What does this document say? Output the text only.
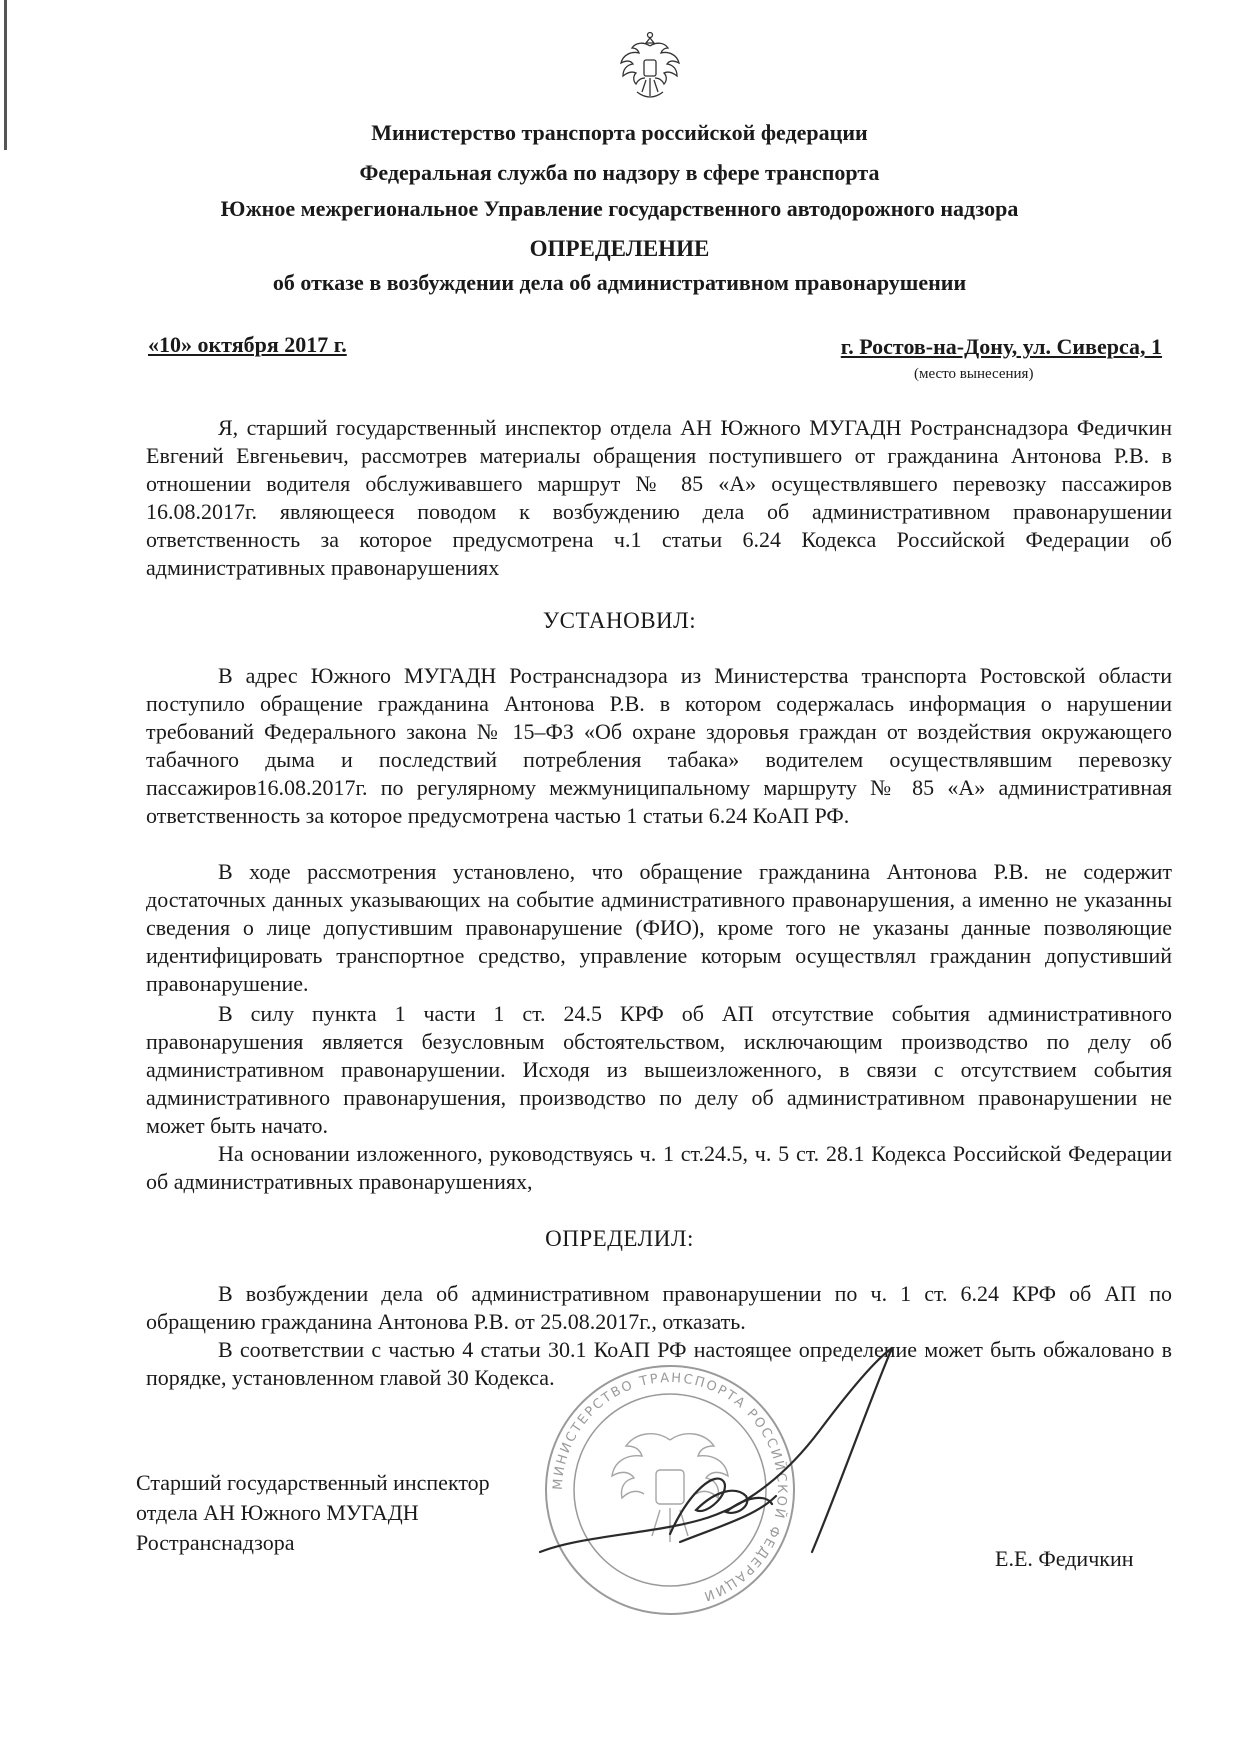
Министерство транспорта российской федерации
Федеральная служба по надзору в сфере транспорта
Южное межрегиональное Управление государственного автодорожного надзора
ОПРЕДЕЛЕНИЕ
об отказе в возбуждении дела об административном правонарушении
«10» октября 2017 г.	г. Ростов-на-Дону, ул. Сиверса, 1
(место вынесения)

Я, старший государственный инспектор отдела АН Южного МУГАДН Ространснадзора Федичкин Евгений Евгеньевич, рассмотрев материалы обращения поступившего от гражданина Антонова Р.В. в отношении водителя обслуживавшего маршрут № 85 «А» осуществлявшего перевозку пассажиров 16.08.2017г. являющееся поводом к возбуждению дела об административном правонарушении ответственность за которое предусмотрена ч.1 статьи 6.24 Кодекса Российской Федерации об административных правонарушениях

УСТАНОВИЛ:

В адрес Южного МУГАДН Ространснадзора из Министерства транспорта Ростовской области поступило обращение гражданина Антонова Р.В. в котором содержалась информация о нарушении требований Федерального закона № 15–ФЗ «Об охране здоровья граждан от воздействия окружающего табачного дыма и последствий потребления табака» водителем осуществлявшим перевозку пассажиров16.08.2017г. по регулярному межмуниципальному маршруту № 85 «А» административная ответственность за которое предусмотрена частью 1 статьи 6.24 КоАП РФ.

В ходе рассмотрения установлено, что обращение гражданина Антонова Р.В. не содержит достаточных данных указывающих на событие административного правонарушения, а именно не указанны сведения о лице допустившим правонарушение (ФИО), кроме того не указаны данные позволяющие идентифицировать транспортное средство, управление которым осуществлял гражданин допустивший правонарушение.

В силу пункта 1 части 1 ст. 24.5 КРФ об АП отсутствие события административного правонарушения является безусловным обстоятельством, исключающим производство по делу об административном правонарушении. Исходя из вышеизложенного, в связи с отсутствием события административного правонарушения, производство по делу об административном правонарушении не может быть начато.

На основании изложенного, руководствуясь ч. 1 ст.24.5, ч. 5 ст. 28.1 Кодекса Российской Федерации об административных правонарушениях,

ОПРЕДЕЛИЛ:

В возбуждении дела об административном правонарушении по ч. 1 ст. 6.24 КРФ об АП по обращению гражданина Антонова Р.В. от 25.08.2017г., отказать.

В соответствии с частью 4 статьи 30.1 КоАП РФ настоящее определение может быть обжаловано в порядке, установленном главой 30 Кодекса.

Старший государственный инспектор
отдела АН Южного МУГАДН
Ространснадзора
МИНИСТЕРСТВО ТРАНСПОРТА РОССИЙСКОЙ ФЕДЕРАЦИИ
Е.Е. Федичкин
